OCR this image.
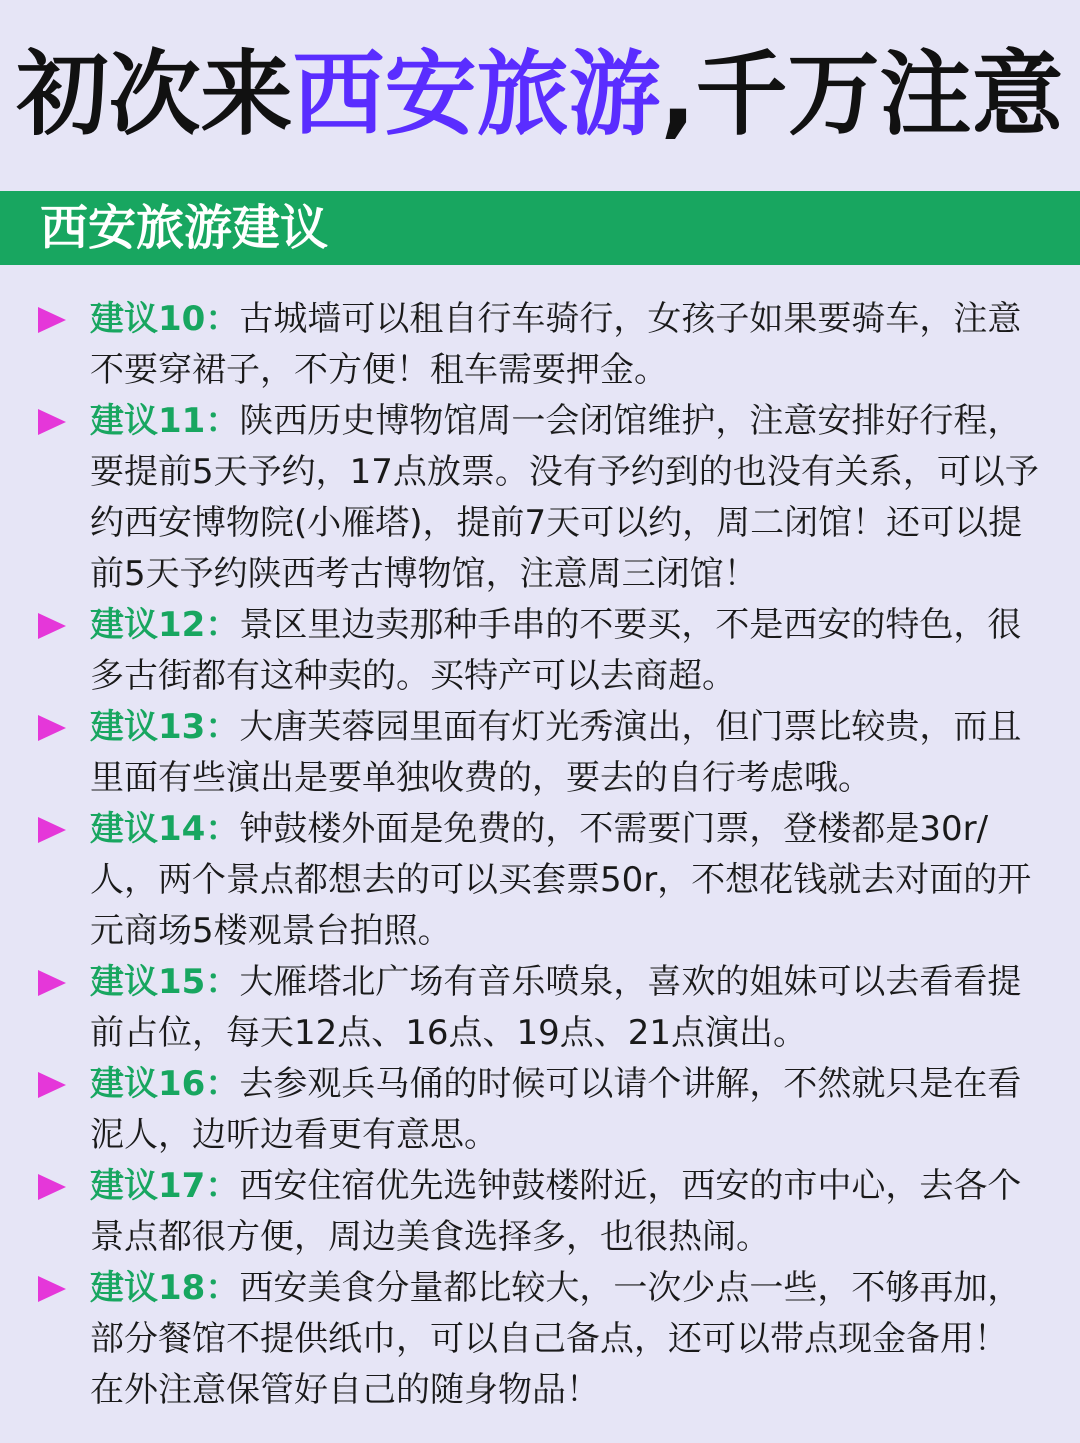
初次来西安旅游,千万注意
西安旅游建议
建议10：古城墙可以租自行车骑行，女孩子如果要骑车，注意不要穿裙子，不方便！租车需要押金。
建议11：陕西历史博物馆周一会闭馆维护，注意安排好行程，要提前5天予约，17点放票。没有予约到的也没有关系，可以予约西安博物院(小雁塔)，提前7天可以约，周二闭馆！还可以提前5天予约陕西考古博物馆，注意周三闭馆！
建议12：景区里边卖那种手串的不要买，不是西安的特色，很多古街都有这种卖的。买特产可以去商超。
建议13：大唐芙蓉园里面有灯光秀演出，但门票比较贵，而且里面有些演出是要单独收费的，要去的自行考虑哦。
建议14：钟鼓楼外面是免费的，不需要门票，登楼都是30r/人，两个景点都想去的可以买套票50r，不想花钱就去对面的开元商场5楼观景台拍照。
建议15：大雁塔北广场有音乐喷泉，喜欢的姐妹可以去看看提前占位，每天12点、16点、19点、21点演出。
建议16：去参观兵马俑的时候可以请个讲解，不然就只是在看泥人，边听边看更有意思。
建议17：西安住宿优先选钟鼓楼附近，西安的市中心，去各个景点都很方便，周边美食选择多，也很热闹。
建议18：西安美食分量都比较大，一次少点一些，不够再加，部分餐馆不提供纸巾，可以自己备点，还可以带点现金备用！在外注意保管好自己的随身物品！
